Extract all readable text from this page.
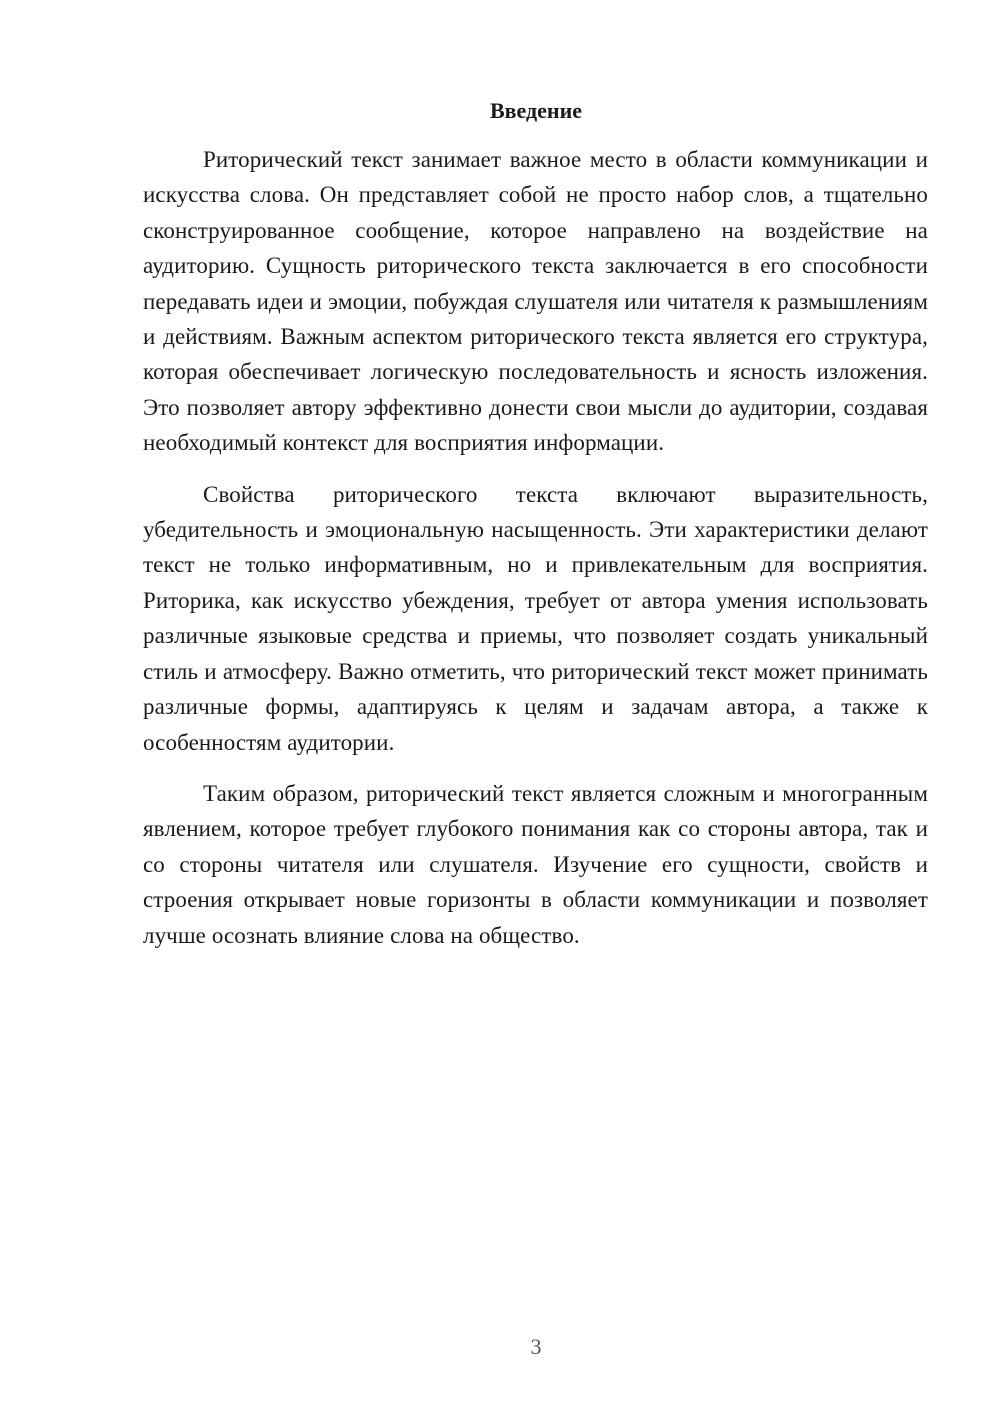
Введение

Риторический текст занимает важное место в области коммуникации и искусства слова. Он представляет собой не просто набор слов, а тщательно сконструированное сообщение, которое направлено на воздействие на аудиторию. Сущность риторического текста заключается в его способности передавать идеи и эмоции, побуждая слушателя или читателя к размышлениям и действиям. Важным аспектом риторического текста является его структура, которая обеспечивает логическую последовательность и ясность изложения. Это позволяет автору эффективно донести свои мысли до аудитории, создавая необходимый контекст для восприятия информации.

Свойства риторического текста включают выразительность, убедительность и эмоциональную насыщенность. Эти характеристики делают текст не только информативным, но и привлекательным для восприятия. Риторика, как искусство убеждения, требует от автора умения использовать различные языковые средства и приемы, что позволяет создать уникальный стиль и атмосферу. Важно отметить, что риторический текст может принимать различные формы, адаптируясь к целям и задачам автора, а также к особенностям аудитории.

Таким образом, риторический текст является сложным и многогранным явлением, которое требует глубокого понимания как со стороны автора, так и со стороны читателя или слушателя. Изучение его сущности, свойств и строения открывает новые горизонты в области коммуникации и позволяет лучше осознать влияние слова на общество.

3
